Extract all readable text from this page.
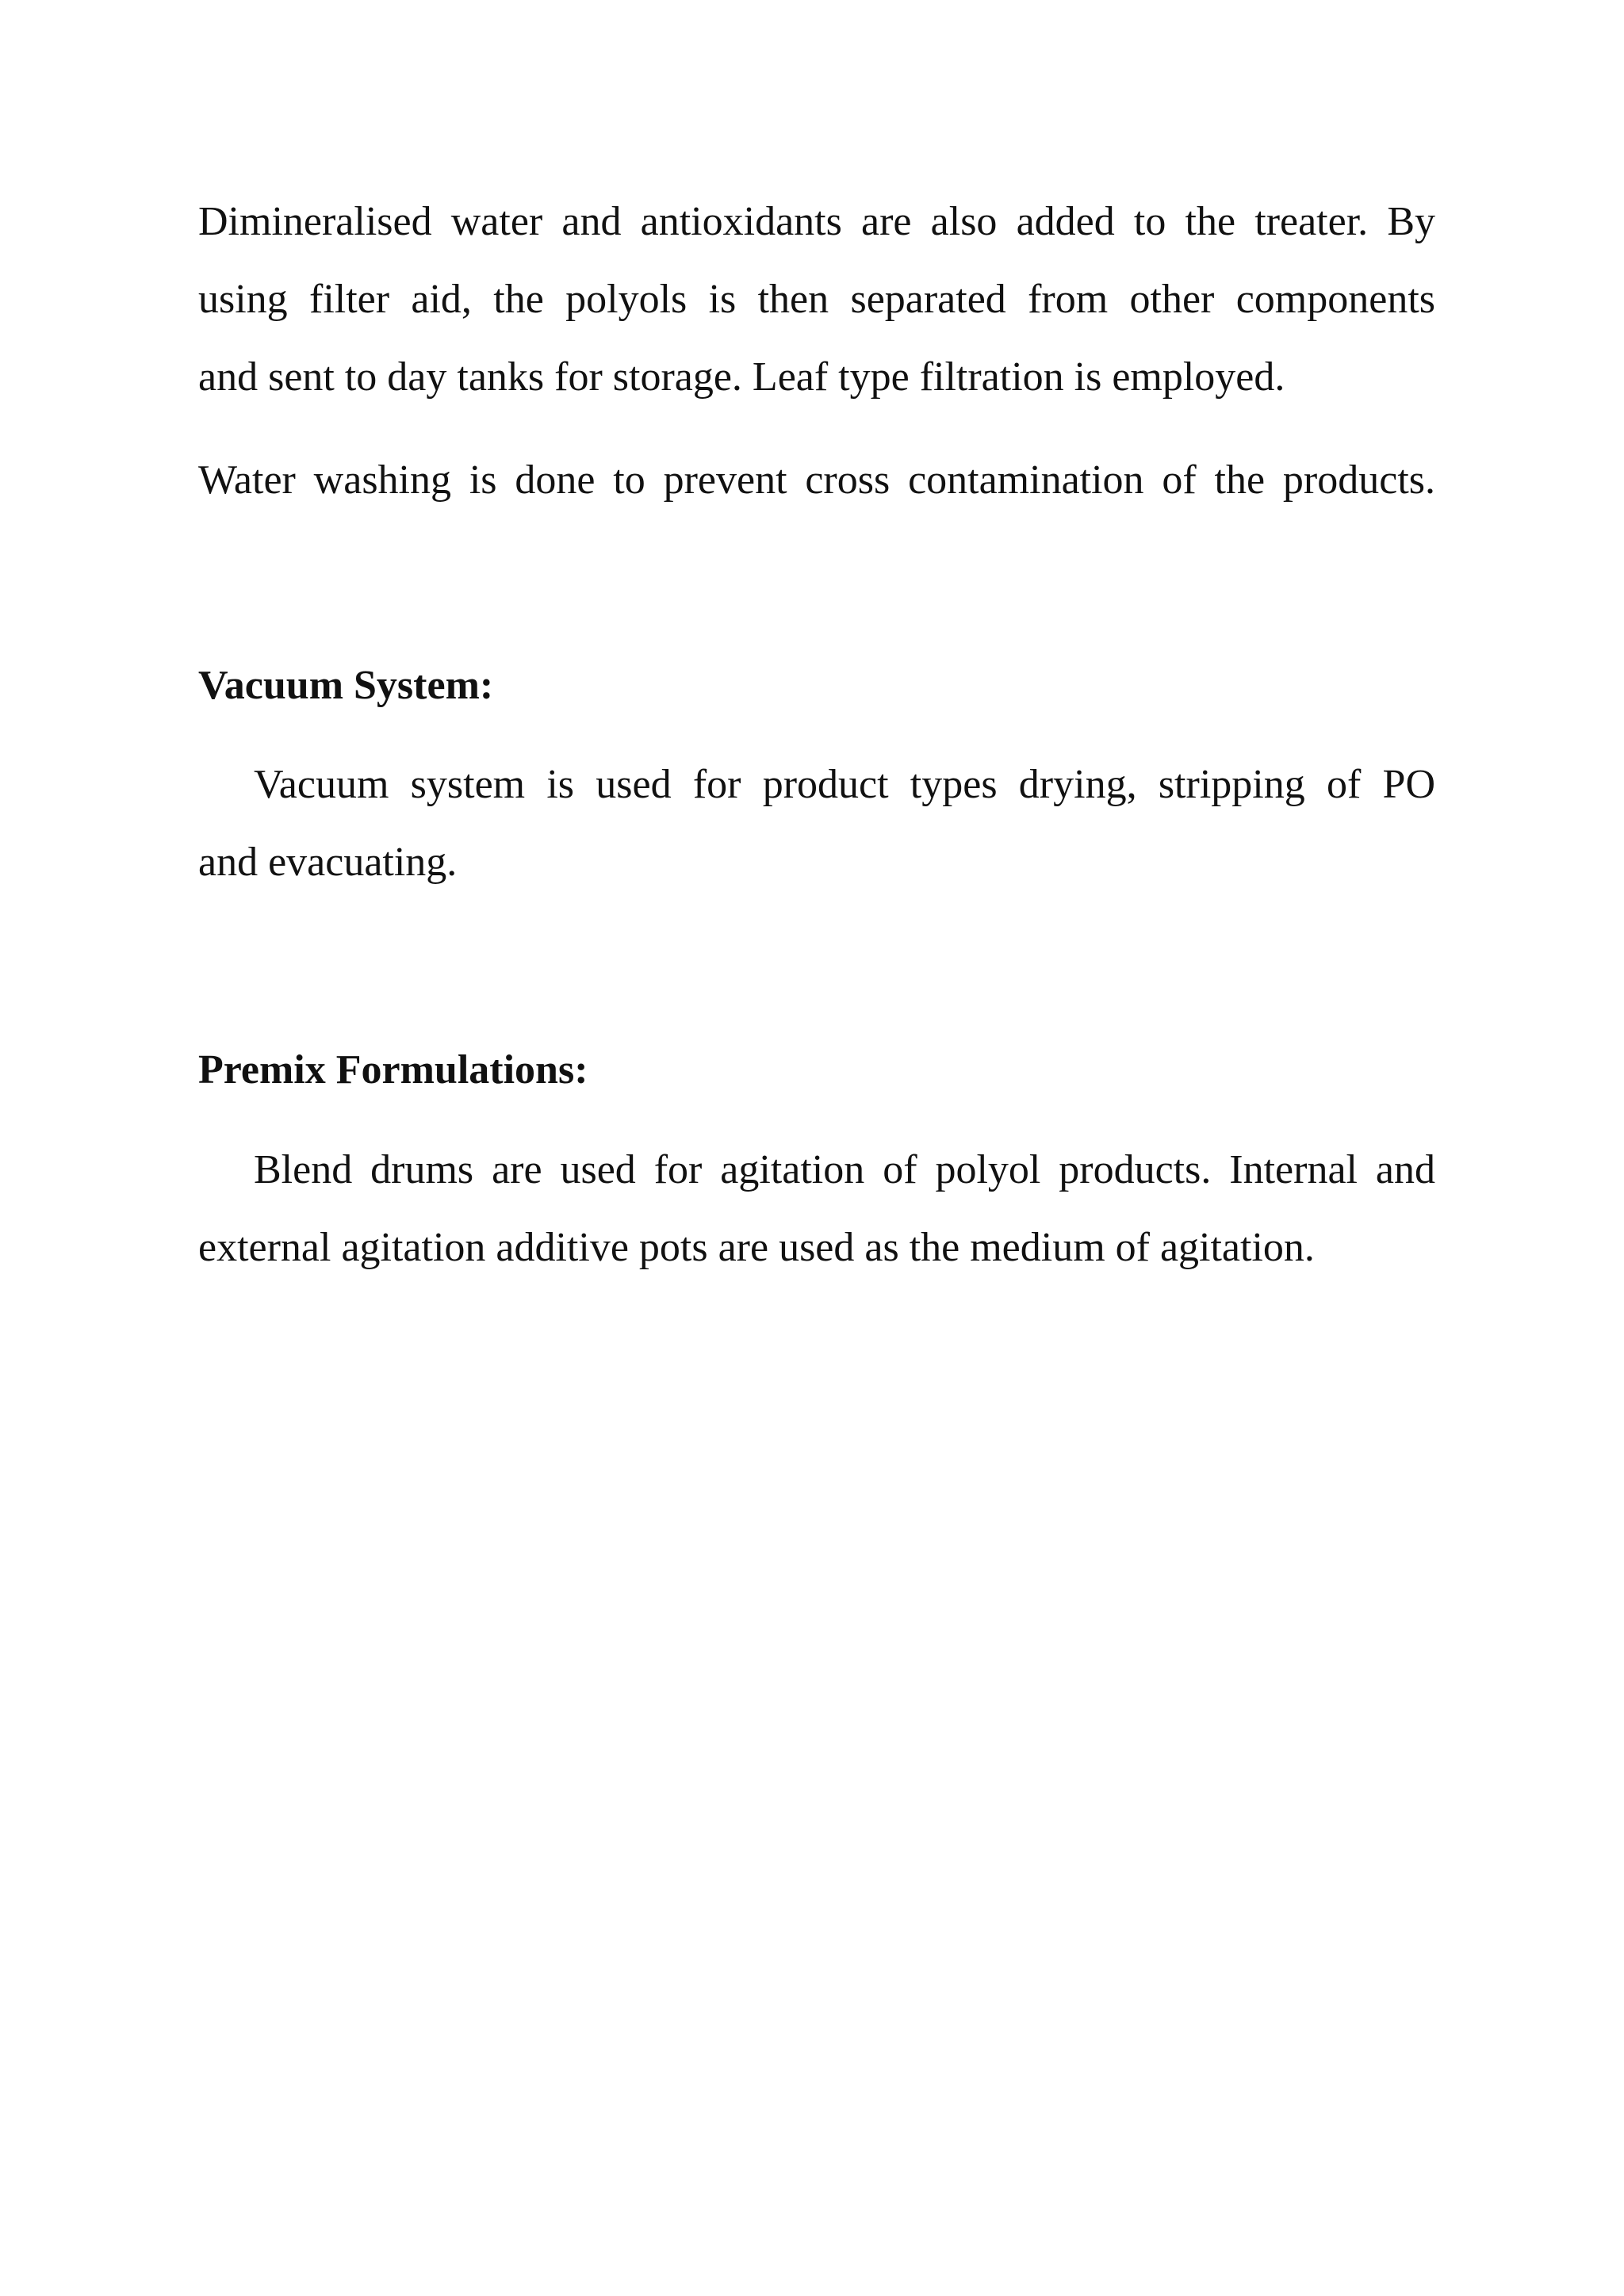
Dimineralised water and antioxidants are also added to the treater. By
using filter aid, the polyols is then separated from other components
and sent to day tanks for storage. Leaf type filtration is employed.
Water washing is done to prevent cross contamination of the products.
Vacuum System:
Vacuum system is used for product types drying, stripping of PO
and evacuating.
Premix Formulations:
Blend drums are used for agitation of polyol products. Internal and
external agitation additive pots are used as the medium of agitation.
